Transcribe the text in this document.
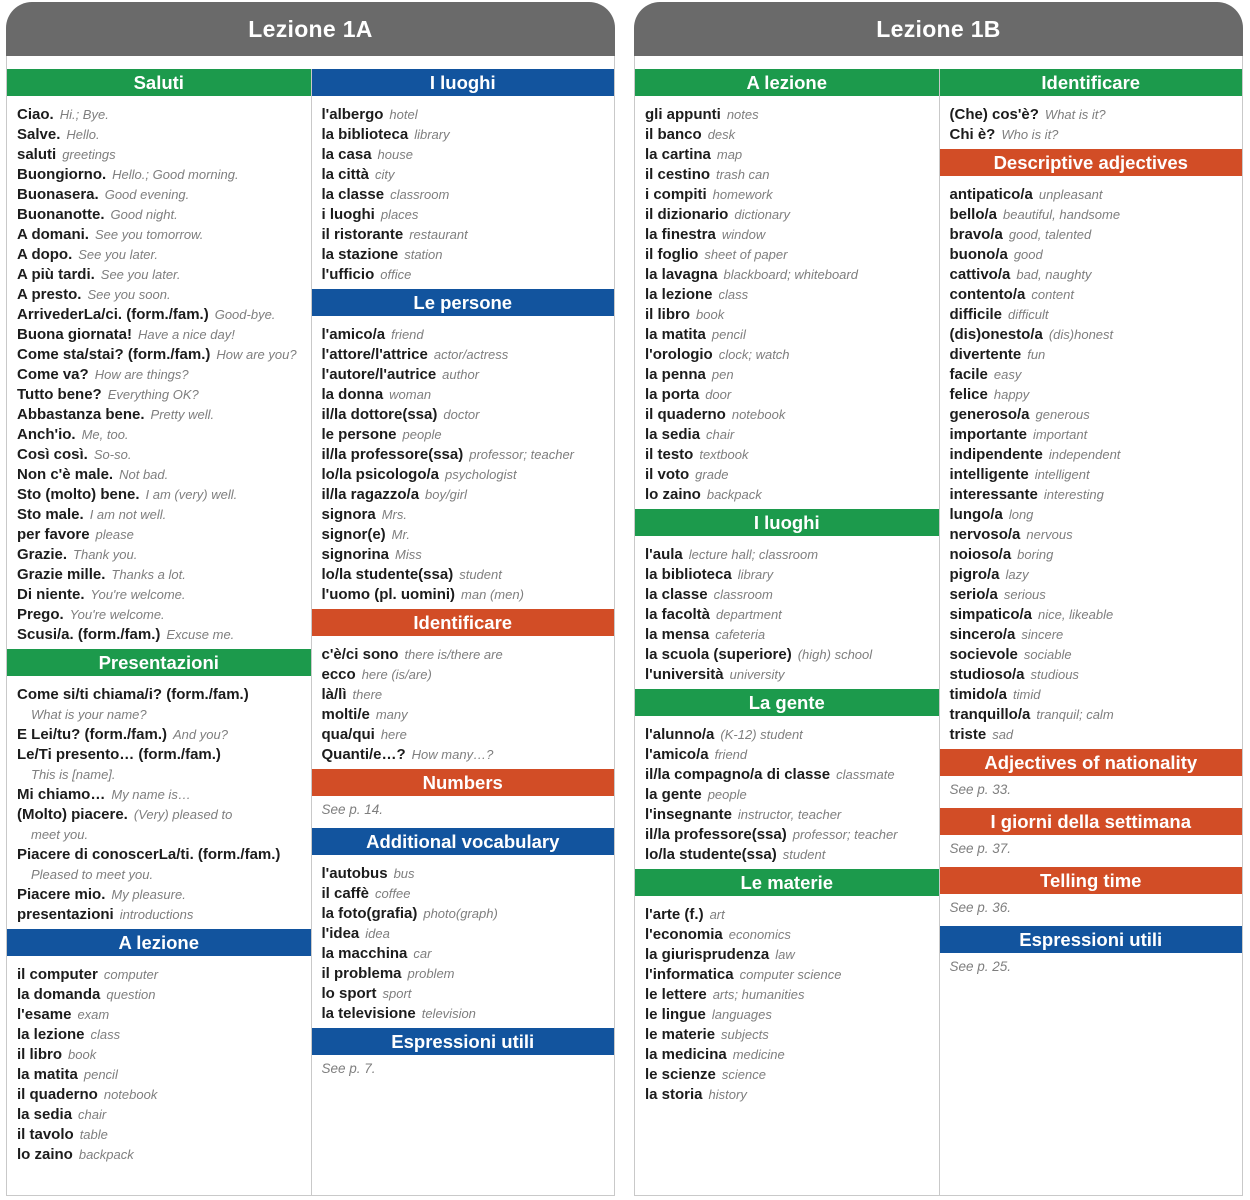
Lezione 1A
Saluti
Ciao. Hi.; Bye.
Salve. Hello.
saluti greetings
Buongiorno. Hello.; Good morning.
Buonasera. Good evening.
Buonanotte. Good night.
A domani. See you tomorrow.
A dopo. See you later.
A più tardi. See you later.
A presto. See you soon.
ArrivederLa/ci. (form./fam.) Good-bye.
Buona giornata! Have a nice day!
Come sta/stai? (form./fam.) How are you?
Come va? How are things?
Tutto bene? Everything OK?
Abbastanza bene. Pretty well.
Anch'io. Me, too.
Così così. So-so.
Non c'è male. Not bad.
Sto (molto) bene. I am (very) well.
Sto male. I am not well.
per favore please
Grazie. Thank you.
Grazie mille. Thanks a lot.
Di niente. You're welcome.
Prego. You're welcome.
Scusi/a. (form./fam.) Excuse me.
Presentazioni
Come si/ti chiama/i? (form./fam.)
What is your name?
E Lei/tu? (form./fam.) And you?
Le/Ti presento… (form./fam.)
This is [name].
Mi chiamo… My name is…
(Molto) piacere. (Very) pleased to
meet you.
Piacere di conoscerLa/ti. (form./fam.)
Pleased to meet you.
Piacere mio. My pleasure.
presentazioni introductions
A lezione
il computer computer
la domanda question
l'esame exam
la lezione class
il libro book
la matita pencil
il quaderno notebook
la sedia chair
il tavolo table
lo zaino backpack
I luoghi
l'albergo hotel
la biblioteca library
la casa house
la città city
la classe classroom
i luoghi places
il ristorante restaurant
la stazione station
l'ufficio office
Le persone
l'amico/a friend
l'attore/l'attrice actor/actress
l'autore/l'autrice author
la donna woman
il/la dottore(ssa) doctor
le persone people
il/la professore(ssa) professor; teacher
lo/la psicologo/a psychologist
il/la ragazzo/a boy/girl
signora Mrs.
signor(e) Mr.
signorina Miss
lo/la studente(ssa) student
l'uomo (pl. uomini) man (men)
Identificare
c'è/ci sono there is/there are
ecco here (is/are)
là/lì there
molti/e many
qua/qui here
Quanti/e…? How many…?
Numbers
See p. 14.
Additional vocabulary
l'autobus bus
il caffè coffee
la foto(grafia) photo(graph)
l'idea idea
la macchina car
il problema problem
lo sport sport
la televisione television
Espressioni utili
See p. 7.
Lezione 1B
A lezione
gli appunti notes
il banco desk
la cartina map
il cestino trash can
i compiti homework
il dizionario dictionary
la finestra window
il foglio sheet of paper
la lavagna blackboard; whiteboard
la lezione class
il libro book
la matita pencil
l'orologio clock; watch
la penna pen
la porta door
il quaderno notebook
la sedia chair
il testo textbook
il voto grade
lo zaino backpack
I luoghi
l'aula lecture hall; classroom
la biblioteca library
la classe classroom
la facoltà department
la mensa cafeteria
la scuola (superiore) (high) school
l'università university
La gente
l'alunno/a (K-12) student
l'amico/a friend
il/la compagno/a di classe classmate
la gente people
l'insegnante instructor, teacher
il/la professore(ssa) professor; teacher
lo/la studente(ssa) student
Le materie
l'arte (f.) art
l'economia economics
la giurisprudenza law
l'informatica computer science
le lettere arts; humanities
le lingue languages
le materie subjects
la medicina medicine
le scienze science
la storia history
Identificare
(Che) cos'è? What is it?
Chi è? Who is it?
Descriptive adjectives
antipatico/a unpleasant
bello/a beautiful, handsome
bravo/a good, talented
buono/a good
cattivo/a bad, naughty
contento/a content
difficile difficult
(dis)onesto/a (dis)honest
divertente fun
facile easy
felice happy
generoso/a generous
importante important
indipendente independent
intelligente intelligent
interessante interesting
lungo/a long
nervoso/a nervous
noioso/a boring
pigro/a lazy
serio/a serious
simpatico/a nice, likeable
sincero/a sincere
socievole sociable
studioso/a studious
timido/a timid
tranquillo/a tranquil; calm
triste sad
Adjectives of nationality
See p. 33.
I giorni della settimana
See p. 37.
Telling time
See p. 36.
Espressioni utili
See p. 25.
